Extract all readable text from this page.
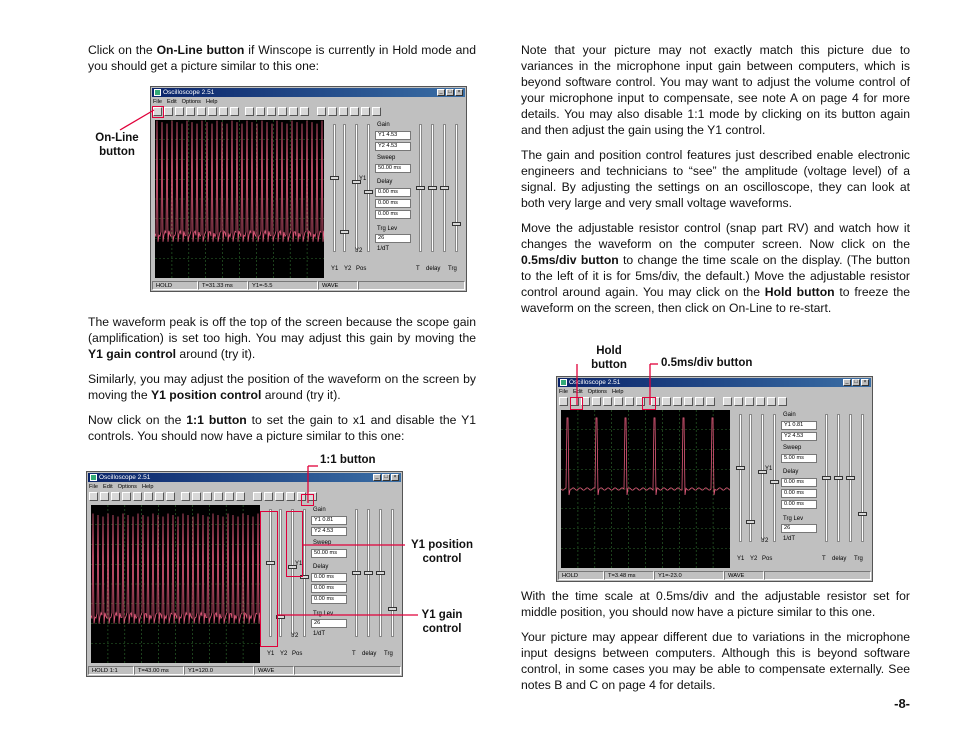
Click on the On-Line button if Winscope is currently in Hold mode and you should get a picture similar to this one:

The waveform peak is off the top of the screen because the scope gain (amplification) is set too high. You may adjust this gain by moving the Y1 gain control around (try it).

Similarly, you may adjust the position of the waveform on the screen by moving the Y1 position control around (try it).

Now click on the 1:1 button to set the gain to x1 and disable the Y1 controls. You should now have a picture similar to this one:

Note that your picture may not exactly match this picture due to variances in the microphone input gain between computers, which is beyond software control. You may want to adjust the volume control of your microphone input to compensate, see note A on page 4 for more details. You may also disable 1:1 mode by clicking on its button again and then adjust the gain using the Y1 control.

The gain and position control features just described enable electronic engineers and technicians to “see” the amplitude (voltage level) of a signal. By adjusting the settings on an oscilloscope, they can look at both very large and very small voltage waveforms.

Move the adjustable resistor control (snap part RV) and watch how it changes the waveform on the computer screen. Now click on the 0.5ms/div button to change the time scale on the display. (The button to the left of it is for 5ms/div, the default.) Move the adjustable resistor control around again. You may click on the Hold button to freeze the waveform on the screen, then click on On-Line to re-start.

With the time scale at 0.5ms/div and the adjustable resistor set for middle position, you should now have a picture similar to this one.

Your picture may appear different due to variations in the microphone input designs between computers. Although this is beyond software control, in some cases you may be able to compensate externally. See notes B and C on page 4 for details.

Oscilloscope 2.51	_	□	×
File Edit Options Help
Y1
Y2
Y1 Y2 Pos
Gain
Y1 4.53
Y2 4.53
Sweep
50.00 ms
Delay
0.00 ms
0.00 ms
0.00 ms
Trg Lev
26
1/dT
T delay Trg
HOLD	T=31.33 ms	Y1=-5.5	WAVE
Oscilloscope 2.51	_	□	×
File Edit Options Help
Y1
Y2
Y1 Y2 Pos
Gain
Y1 0.81
Y2 4.53
Sweep
50.00 ms
Delay
0.00 ms
0.00 ms
0.00 ms
Trg Lev
26
1/dT
T delay Trg
HOLD 1:1	T=43.00 ms	Y1=120.0	WAVE
Oscilloscope 2.51	_	□	×
File Edit Options Help
Y1
Y2
Y1 Y2 Pos
Gain
Y1 0.81
Y2 4.53
Sweep
5.00 ms
Delay
0.00 ms
0.00 ms
0.00 ms
Trg Lev
26
1/dT
T delay Trg
HOLD	T=3.48 ms	Y1=-23.0	WAVE
On-Line
button
1:1 button
Y1 position
control
Y1 gain
control
Hold
button	0.5ms/div button
-8-
